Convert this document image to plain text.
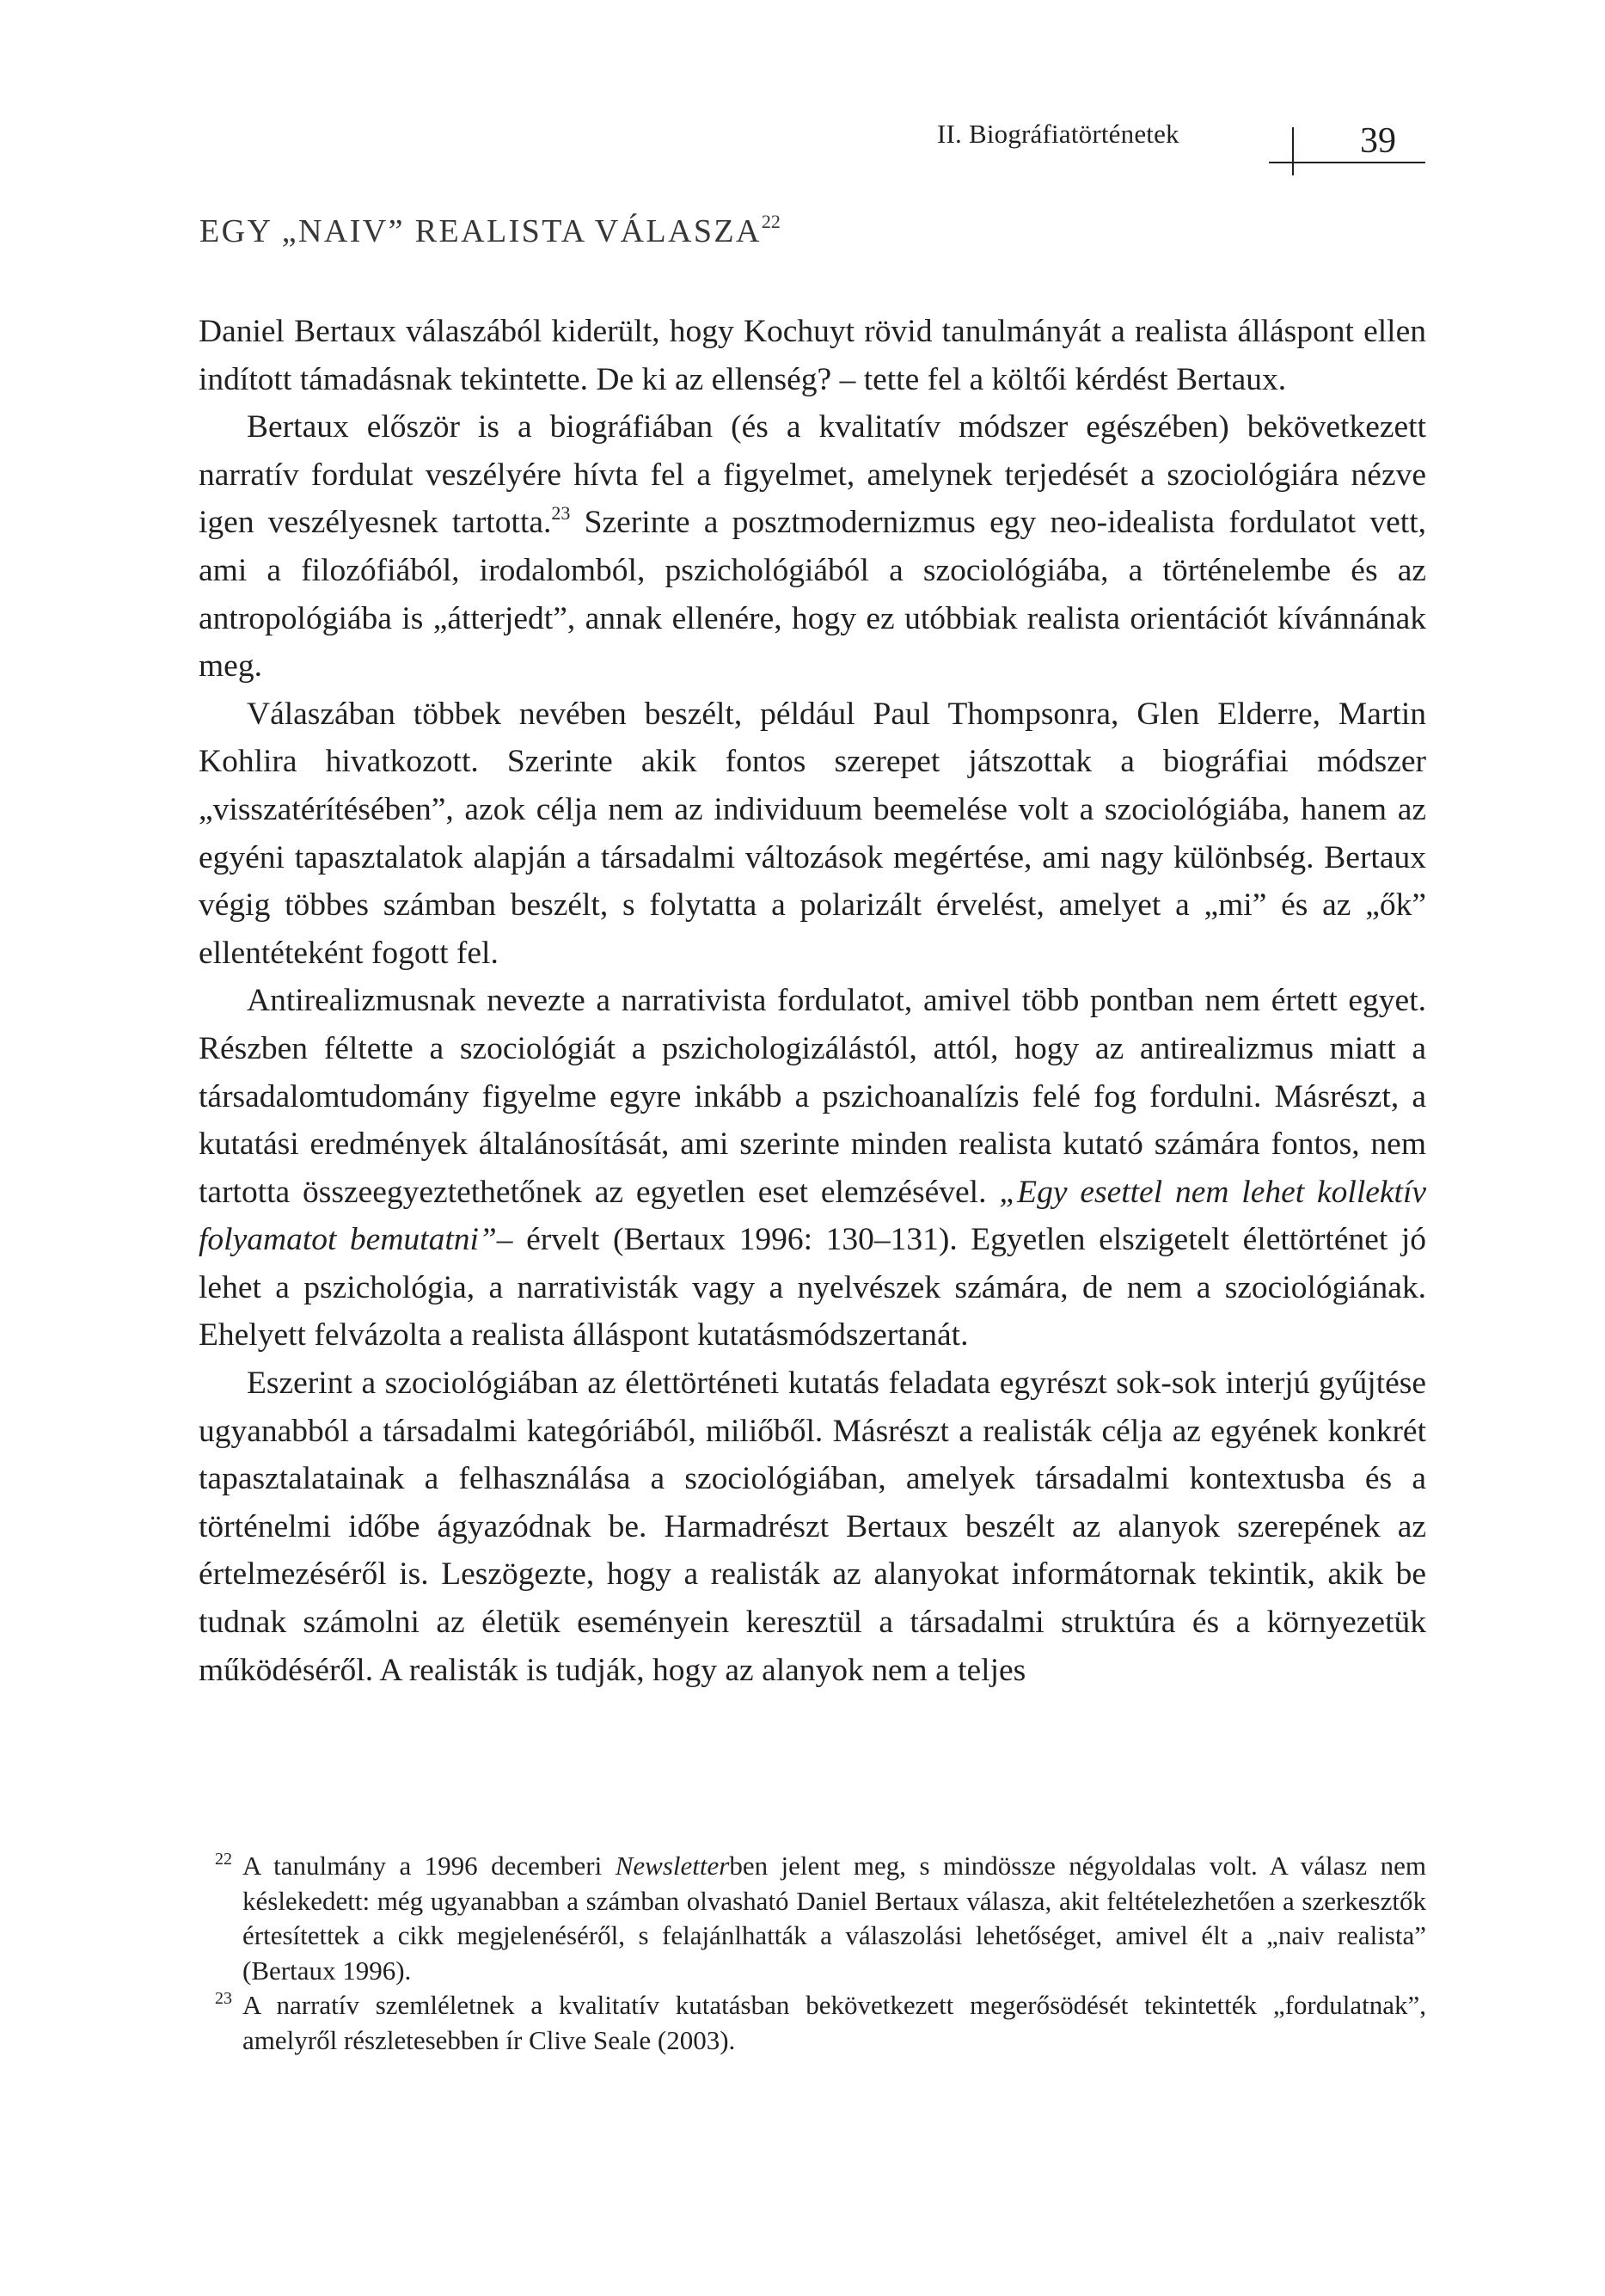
II. Biográfiatörténetek	39
EGY „NAIV” REALISTA VÁLASZA$^{22}$

Daniel Bertaux válaszából kiderült, hogy Kochuyt rövid tanulmányát a realista álláspont ellen indított támadásnak tekintette. De ki az ellenség? – tette fel a költői kérdést Bertaux.

Bertaux először is a biográfiában (és a kvalitatív módszer egészében) bekövetkezett narratív fordulat veszélyére hívta fel a figyelmet, amelynek terjedését a szociológiára nézve igen veszélyesnek tartotta.$^{23}$ Szerinte a posztmodernizmus egy neo-idealista fordulatot vett, ami a filozófiából, irodalomból, pszichológiából a szociológiába, a történelembe és az antropológiába is „átterjedt”, annak ellenére, hogy ez utóbbiak realista orientációt kívánnának meg.

Válaszában többek nevében beszélt, például Paul Thompsonra, Glen Elderre, Martin Kohlira hivatkozott. Szerinte akik fontos szerepet játszottak a biográfiai módszer „visszatérítésében”, azok célja nem az individuum beemelése volt a szociológiába, hanem az egyéni tapasztalatok alapján a társadalmi változások megértése, ami nagy különbség. Bertaux végig többes számban beszélt, s folytatta a polarizált érvelést, amelyet a „mi” és az „ők” ellentéteként fogott fel.

Antirealizmusnak nevezte a narrativista fordulatot, amivel több pontban nem értett egyet. Részben féltette a szociológiát a pszichologizálástól, attól, hogy az antirealizmus miatt a társadalomtudomány figyelme egyre inkább a pszichoanalízis felé fog fordulni. Másrészt, a kutatási eredmények általánosítását, ami szerinte minden realista kutató számára fontos, nem tartotta összeegyeztethetőnek az egyetlen eset elemzésével. „Egy esettel nem lehet kollektív folyamatot bemutatni”– érvelt (Bertaux 1996: 130–131). Egyetlen elszigetelt élettörténet jó lehet a pszichológia, a narrativisták vagy a nyelvészek számára, de nem a szociológiának. Ehelyett felvázolta a realista álláspont kutatásmódszertanát.

Eszerint a szociológiában az élettörténeti kutatás feladata egyrészt sok-sok interjú gyűjtése ugyanabból a társadalmi kategóriából, miliőből. Másrészt a realisták célja az egyének konkrét tapasztalatainak a felhasználása a szociológiában, amelyek társadalmi kontextusba és a történelmi időbe ágyazódnak be. Harmadrészt Bertaux beszélt az alanyok szerepének az értelmezéséről is. Leszögezte, hogy a realisták az alanyokat informátornak tekintik, akik be tudnak számolni az életük eseményein keresztül a társadalmi struktúra és a környezetük működéséről. A realisták is tudják, hogy az alanyok nem a teljes

22 A tanulmány a 1996 decemberi Newsletterben jelent meg, s mindössze négyoldalas volt. A válasz nem késlekedett: még ugyanabban a számban olvasható Daniel Bertaux válasza, akit feltételezhetően a szerkesztők értesítettek a cikk megjelenéséről, s felajánlhatták a válaszolási lehetőséget, amivel élt a „naiv realista” (Bertaux 1996).

23 A narratív szemléletnek a kvalitatív kutatásban bekövetkezett megerősödését tekintették „fordulatnak”, amelyről részletesebben ír Clive Seale (2003).
